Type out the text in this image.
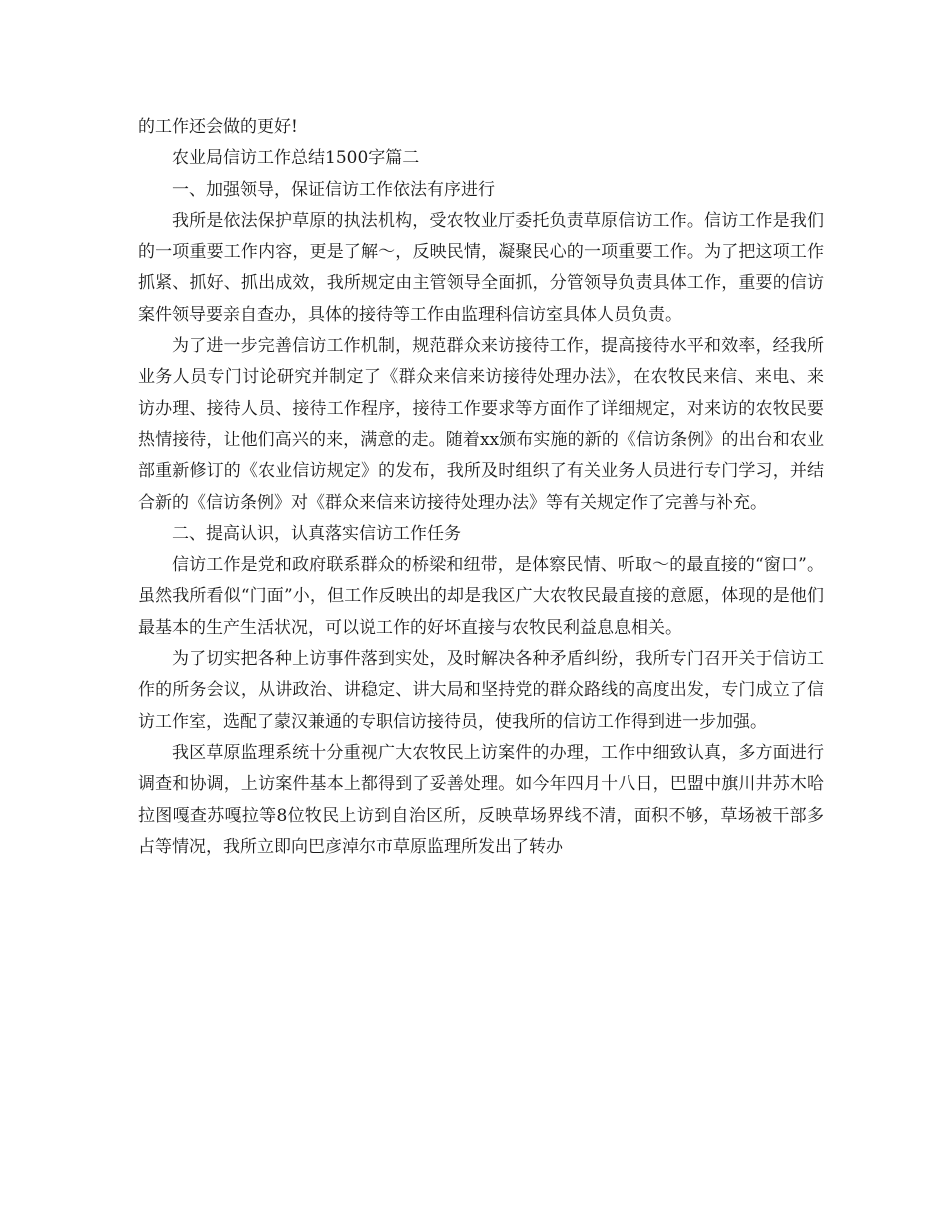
的工作还会做的更好!

农业局信访工作总结1500字篇二

一、加强领导，保证信访工作依法有序进行

我所是依法保护草原的执法机构，受农牧业厅委托负责草原信访工作。信访工作是我们的一项重要工作内容，更是了解～，反映民情，凝聚民心的一项重要工作。为了把这项工作抓紧、抓好、抓出成效，我所规定由主管领导全面抓，分管领导负责具体工作，重要的信访案件领导要亲自查办，具体的接待等工作由监理科信访室具体人员负责。

为了进一步完善信访工作机制，规范群众来访接待工作，提高接待水平和效率，经我所业务人员专门讨论研究并制定了《群众来信来访接待处理办法》，在农牧民来信、来电、来访办理、接待人员、接待工作程序，接待工作要求等方面作了详细规定，对来访的农牧民要热情接待，让他们高兴的来，满意的走。随着xx颁布实施的新的《信访条例》的出台和农业部重新修订的《农业信访规定》的发布，我所及时组织了有关业务人员进行专门学习，并结合新的《信访条例》对《群众来信来访接待处理办法》等有关规定作了完善与补充。

二、提高认识，认真落实信访工作任务

信访工作是党和政府联系群众的桥梁和纽带，是体察民情、听取～的最直接的“窗口”。虽然我所看似“门面”小，但工作反映出的却是我区广大农牧民最直接的意愿，体现的是他们最基本的生产生活状况，可以说工作的好坏直接与农牧民利益息息相关。

为了切实把各种上访事件落到实处，及时解决各种矛盾纠纷，我所专门召开关于信访工作的所务会议，从讲政治、讲稳定、讲大局和坚持党的群众路线的高度出发，专门成立了信访工作室，选配了蒙汉兼通的专职信访接待员，使我所的信访工作得到进一步加强。

我区草原监理系统十分重视广大农牧民上访案件的办理，工作中细致认真，多方面进行调查和协调，上访案件基本上都得到了妥善处理。如今年四月十八日，巴盟中旗川井苏木哈拉图嘎查苏嘎拉等8位牧民上访到自治区所，反映草场界线不清，面积不够，草场被干部多占等情况，我所立即向巴彦淖尔市草原监理所发出了转办
